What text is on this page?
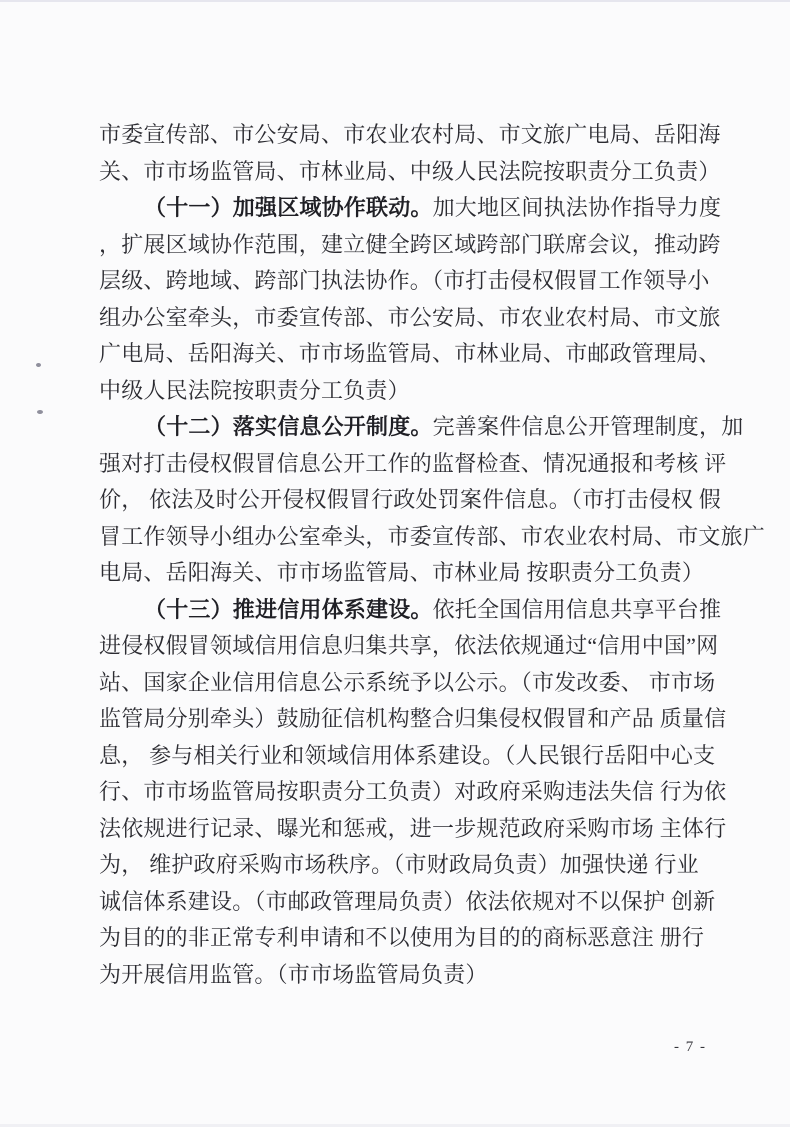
市委宣传部、市公安局、市农业农村局、市文旅广电局、岳阳海
关、市市场监管局、市林业局、中级人民法院按职责分工负责）
（十一）加强区域协作联动。加大地区间执法协作指导力度
，扩展区域协作范围，建立健全跨区域跨部门联席会议，推动跨
层级、跨地域、跨部门执法协作。（市打击侵权假冒工作领导小
组办公室牵头，市委宣传部、市公安局、市农业农村局、市文旅
广电局、岳阳海关、市市场监管局、市林业局、市邮政管理局、
中级人民法院按职责分工负责）
（十二）落实信息公开制度。完善案件信息公开管理制度，加
强对打击侵权假冒信息公开工作的监督检查、情况通报和考核 评
价， 依法及时公开侵权假冒行政处罚案件信息。（市打击侵权 假
冒工作领导小组办公室牵头，市委宣传部、市农业农村局、市文旅广
电局、岳阳海关、市市场监管局、市林业局 按职责分工负责）
（十三）推进信用体系建设。依托全国信用信息共享平台推
进侵权假冒领域信用信息归集共享，依法依规通过“信用中国”网
站、国家企业信用信息公示系统予以公示。（市发改委、 市市场
监管局分别牵头）鼓励征信机构整合归集侵权假冒和产品 质量信
息， 参与相关行业和领域信用体系建设。（人民银行岳阳中心支
行、市市场监管局按职责分工负责）对政府采购违法失信 行为依
法依规进行记录、曝光和惩戒，进一步规范政府采购市场 主体行
为， 维护政府采购市场秩序。（市财政局负责）加强快递 行业
诚信体系建设。（市邮政管理局负责）依法依规对不以保护 创新
为目的的非正常专利申请和不以使用为目的的商标恶意注 册行
为开展信用监管。（市市场监管局负责）
- 7 -
